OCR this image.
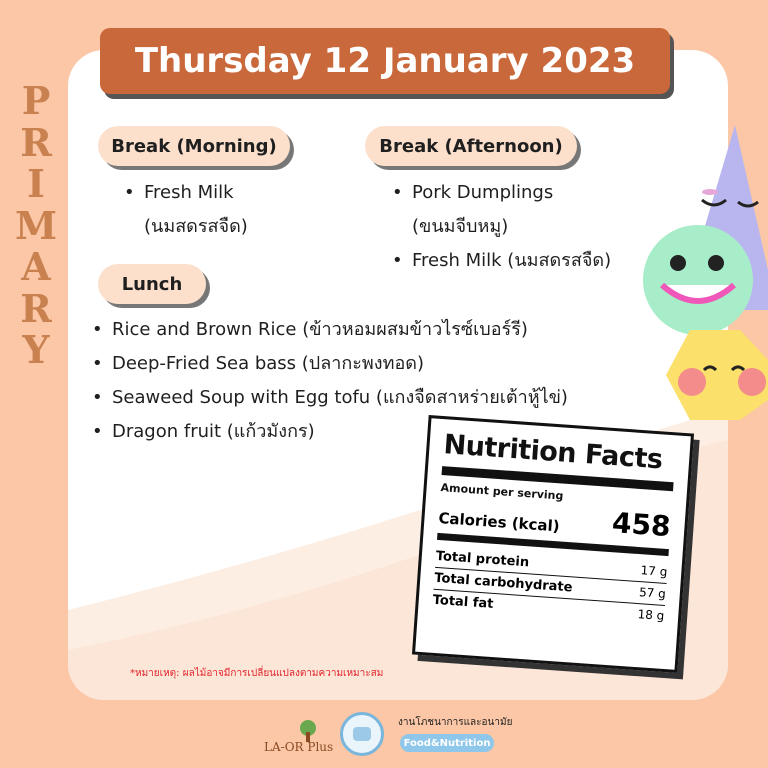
P
R
I
M
A
R
Y
Thursday 12 January 2023
Break (Morning)
• Fresh Milk
(นมสดรสจืด)
Break (Afternoon)
• Pork Dumplings
(ขนมจีบหมู)
• Fresh Milk (นมสดรสจืด)
Lunch
• Rice and Brown Rice (ข้าวหอมผสมข้าวไรซ์เบอร์รี)
• Deep-Fried Sea bass (ปลากะพงทอด)
• Seaweed Soup with Egg tofu (แกงจืดสาหร่ายเต้าหู้ไข่)
• Dragon fruit (แก้วมังกร)	Nutrition Facts
Amount per serving
Calories (kcal) 458
Total protein
17 g
Total carbohydrate	57 g
Total fat
18 g
*หมายเหตุ: ผลไม้อาจมีการเปลี่ยนแปลงตามความเหมาะสม
LA-OR Plus
งานโภชนาการและอนามัย
Food&Nutrition
